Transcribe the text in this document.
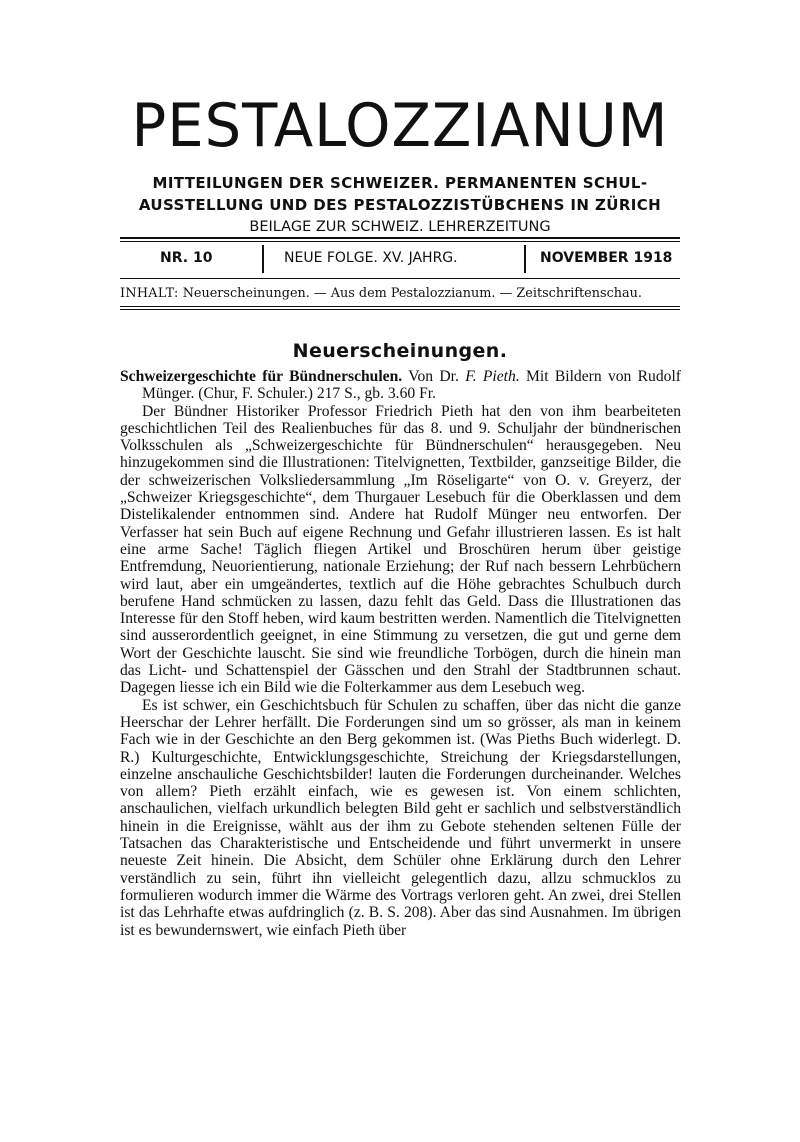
PESTALOZZIANUM
MITTEILUNGEN DER SCHWEIZER. PERMANENTEN SCHUL-
AUSSTELLUNG UND DES PESTALOZZISTÜBCHENS IN ZÜRICH
BEILAGE ZUR SCHWEIZ. LEHRERZEITUNG
NR. 10	NEUE FOLGE. XV. JAHRG.	NOVEMBER 1918
INHALT: Neuerscheinungen. — Aus dem Pestalozzianum. — Zeitschriftenschau.
Neuerscheinungen.

Schweizergeschichte für Bündnerschulen. Von Dr. F. Pieth. Mit Bildern von Rudolf Münger. (Chur, F. Schuler.) 217 S., gb. 3.60 Fr.

Der Bündner Historiker Professor Friedrich Pieth hat den von ihm bearbeiteten geschichtlichen Teil des Realienbuches für das 8. und 9. Schuljahr der bündnerischen Volksschulen als „Schweizergeschichte für Bündnerschulen“ herausgegeben. Neu hinzugekommen sind die Illustrationen: Titelvignetten, Textbilder, ganzseitige Bilder, die der schweizerischen Volksliedersammlung „Im Röseligarte“ von O. v. Greyerz, der „Schweizer Kriegsgeschichte“, dem Thurgauer Lesebuch für die Oberklassen und dem Distelikalender entnommen sind. Andere hat Rudolf Münger neu entworfen. Der Verfasser hat sein Buch auf eigene Rechnung und Gefahr illustrieren lassen. Es ist halt eine arme Sache! Täglich fliegen Artikel und Broschüren herum über geistige Entfremdung, Neuorientierung, nationale Erziehung; der Ruf nach bessern Lehrbüchern wird laut, aber ein umgeändertes, textlich auf die Höhe gebrachtes Schulbuch durch berufene Hand schmücken zu lassen, dazu fehlt das Geld. Dass die Illustrationen das Interesse für den Stoff heben, wird kaum bestritten werden. Namentlich die Titelvignetten sind ausserordentlich geeignet, in eine Stimmung zu versetzen, die gut und gerne dem Wort der Geschichte lauscht. Sie sind wie freundliche Torbögen, durch die hinein man das Licht- und Schattenspiel der Gässchen und den Strahl der Stadtbrunnen schaut. Dagegen liesse ich ein Bild wie die Folterkammer aus dem Lesebuch weg.

Es ist schwer, ein Geschichtsbuch für Schulen zu schaffen, über das nicht die ganze Heerschar der Lehrer herfällt. Die Forderungen sind um so grösser, als man in keinem Fach wie in der Geschichte an den Berg gekommen ist. (Was Pieths Buch widerlegt. D. R.) Kulturgeschichte, Entwicklungsgeschichte, Streichung der Kriegsdarstellungen, einzelne anschauliche Geschichtsbilder! lauten die Forderungen durcheinander. Welches von allem? Pieth erzählt einfach, wie es gewesen ist. Von einem schlichten, anschaulichen, vielfach urkundlich belegten Bild geht er sachlich und selbstverständlich hinein in die Ereignisse, wählt aus der ihm zu Gebote stehenden seltenen Fülle der Tatsachen das Charakteristische und Entscheidende und führt unvermerkt in unsere neueste Zeit hinein. Die Absicht, dem Schüler ohne Erklärung durch den Lehrer verständlich zu sein, führt ihn vielleicht gelegentlich dazu, allzu schmucklos zu formulieren wodurch immer die Wärme des Vortrags verloren geht. An zwei, drei Stellen ist das Lehrhafte etwas aufdringlich (z. B. S. 208). Aber das sind Ausnahmen. Im übrigen ist es bewundernswert, wie einfach Pieth über
